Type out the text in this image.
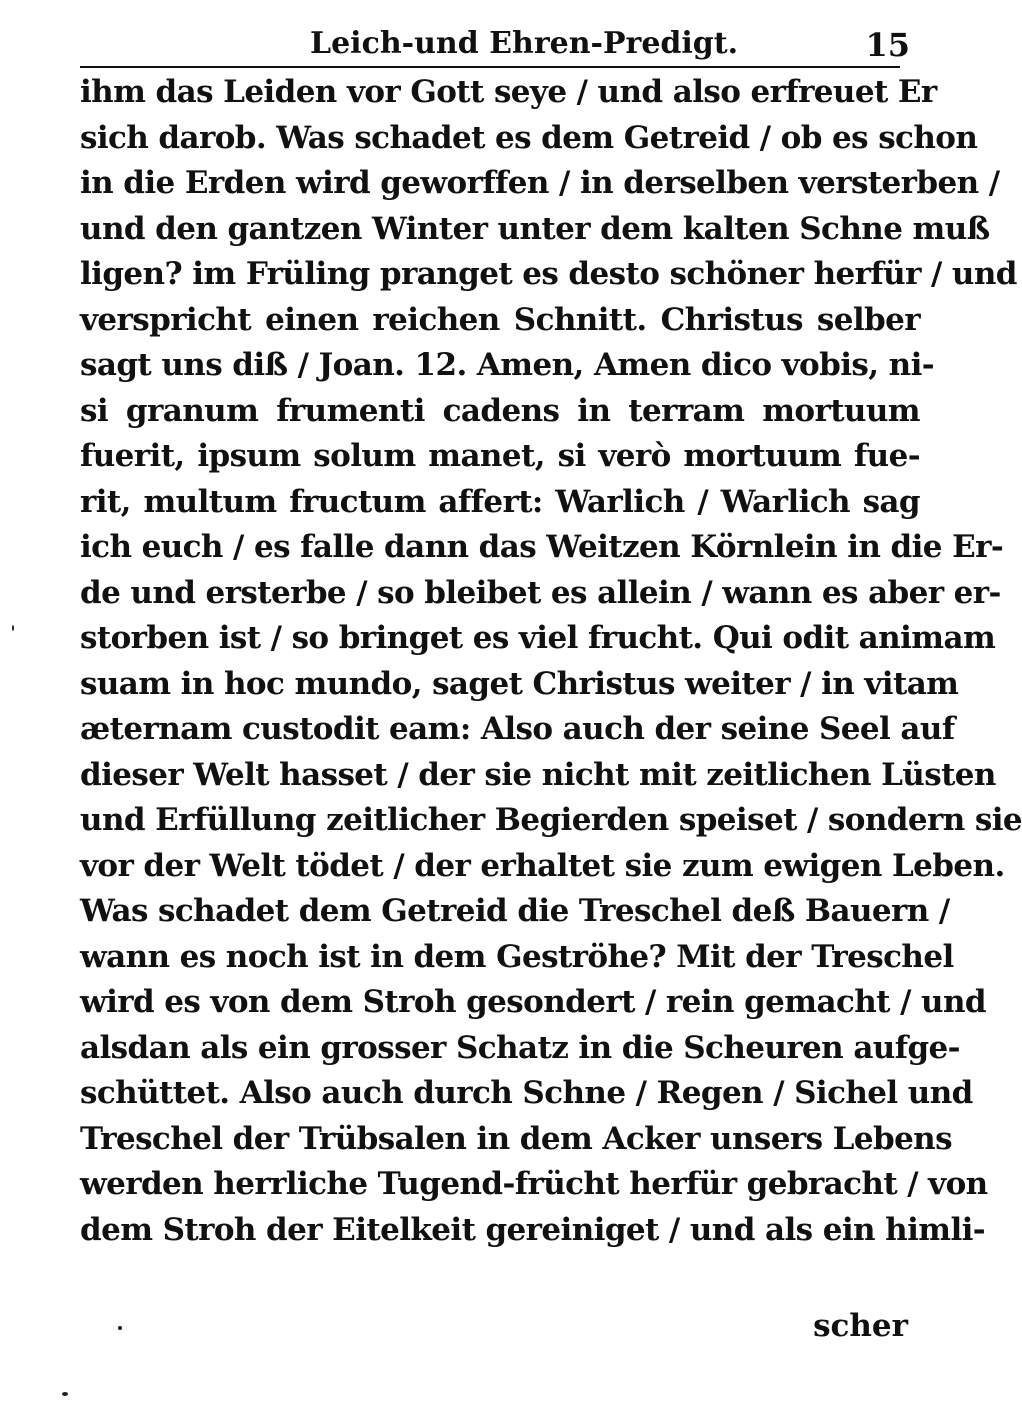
Leich-und Ehren-Predigt.	15
ihm das Leiden vor Gott seye / und also erfreuet Er
sich darob. Was schadet es dem Getreid / ob es schon
in die Erden wird geworffen / in derselben versterben /
und den gantzen Winter unter dem kalten Schne muß
ligen? im Früling pranget es desto schöner herfür / und
verspricht einen reichen Schnitt. Christus selber
sagt uns diß / Joan. 12. Amen, Amen dico vobis, ni-
si granum frumenti cadens in terram mortuum
fuerit, ipsum solum manet, si verò mortuum fue-
rit, multum fructum affert: Warlich / Warlich sag
ich euch / es falle dann das Weitzen Körnlein in die Er-
de und ersterbe / so bleibet es allein / wann es aber er-
storben ist / so bringet es viel frucht. Qui odit animam
suam in hoc mundo, saget Christus weiter / in vitam
æternam custodit eam: Also auch der seine Seel auf
dieser Welt hasset / der sie nicht mit zeitlichen Lüsten
und Erfüllung zeitlicher Begierden speiset / sondern sie
vor der Welt tödet / der erhaltet sie zum ewigen Leben.
Was schadet dem Getreid die Treschel deß Bauern /
wann es noch ist in dem Geströhe? Mit der Treschel
wird es von dem Stroh gesondert / rein gemacht / und
alsdan als ein grosser Schatz in die Scheuren aufge-
schüttet. Also auch durch Schne / Regen / Sichel und
Treschel der Trübsalen in dem Acker unsers Lebens
werden herrliche Tugend-frücht herfür gebracht / von
dem Stroh der Eitelkeit gereiniget / und als ein himli-
scher
